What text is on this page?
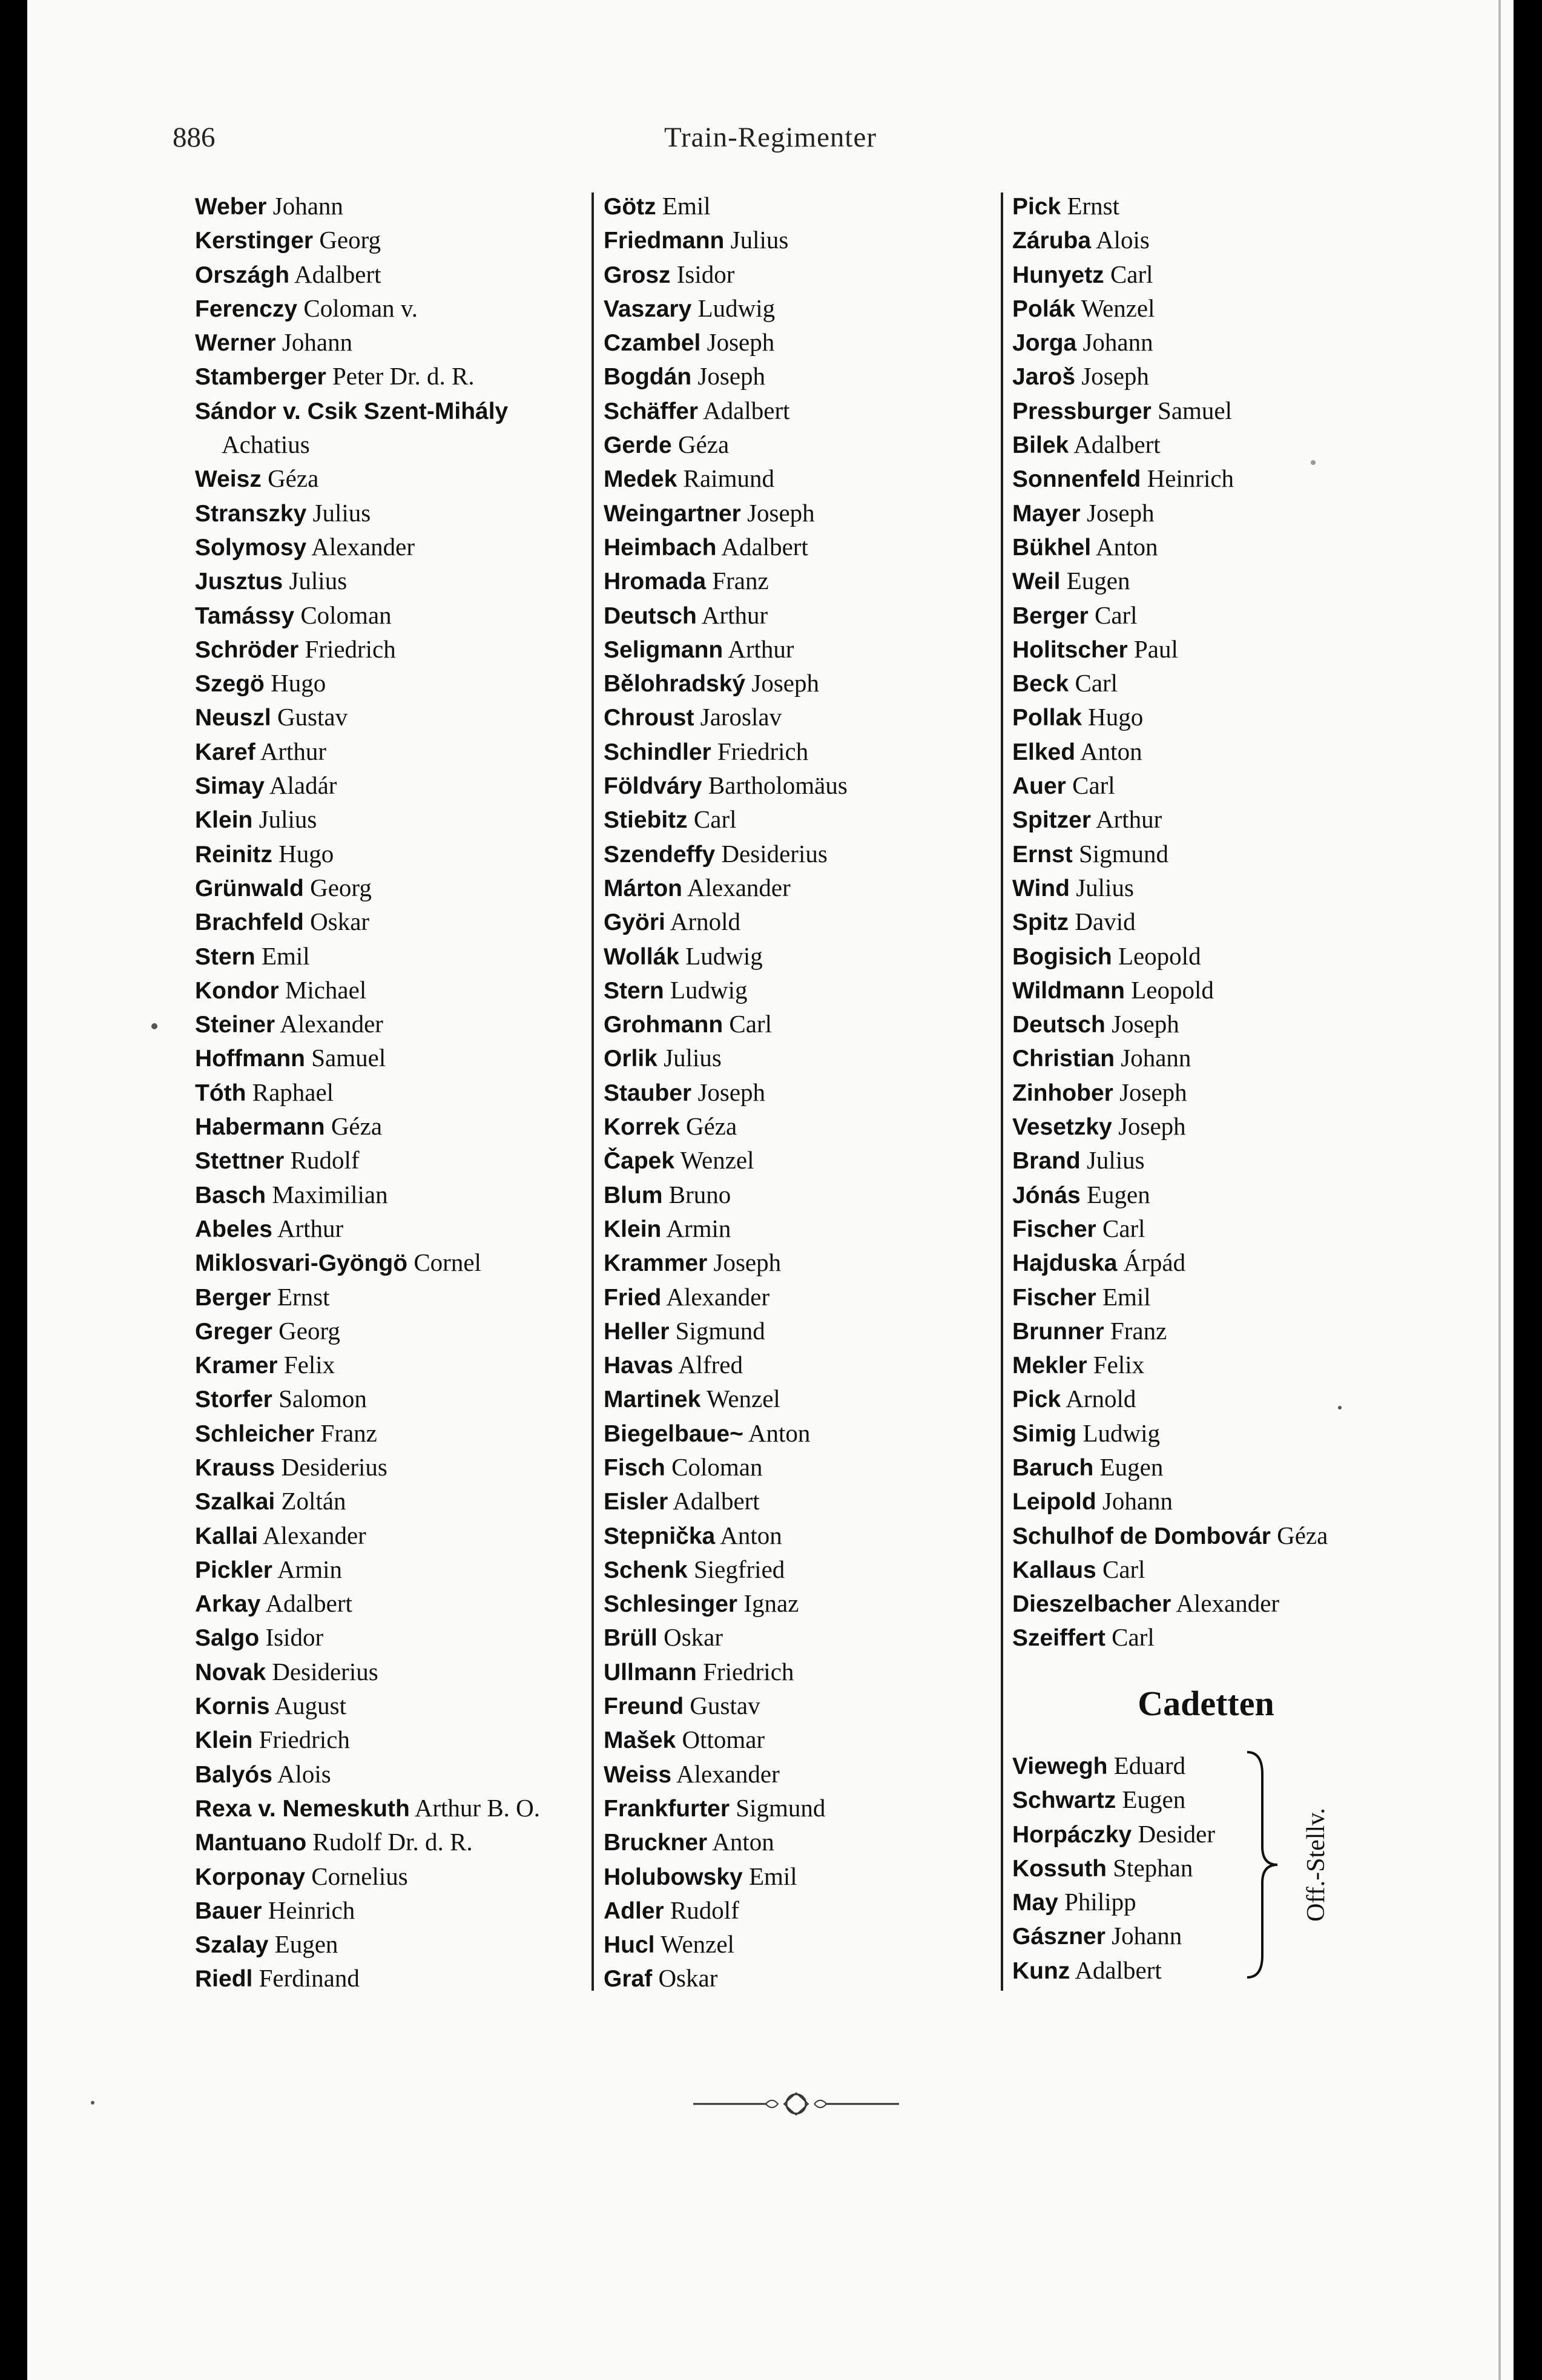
886	Train-Regimenter
Weber Johann
Kerstinger Georg
Országh Adalbert
Ferenczy Coloman v.
Werner Johann
Stamberger Peter Dr. d. R.
Sándor v. Csik Szent-Mihály
Achatius
Weisz Géza
Stranszky Julius
Solymosy Alexander
Jusztus Julius
Tamássy Coloman
Schröder Friedrich
Szegö Hugo
Neuszl Gustav
Karef Arthur
Simay Aladár
Klein Julius
Reinitz Hugo
Grünwald Georg
Brachfeld Oskar
Stern Emil
Kondor Michael
Steiner Alexander
Hoffmann Samuel
Tóth Raphael
Habermann Géza
Stettner Rudolf
Basch Maximilian
Abeles Arthur
Miklosvari-Gyöngö Cornel
Berger Ernst
Greger Georg
Kramer Felix
Storfer Salomon
Schleicher Franz
Krauss Desiderius
Szalkai Zoltán
Kallai Alexander
Pickler Armin
Arkay Adalbert
Salgo Isidor
Novak Desiderius
Kornis August
Klein Friedrich
Balyós Alois
Rexa v. Nemeskuth Arthur B. O.
Mantuano Rudolf Dr. d. R.
Korponay Cornelius
Bauer Heinrich
Szalay Eugen
Riedl Ferdinand
Götz Emil
Friedmann Julius
Grosz Isidor
Vaszary Ludwig
Czambel Joseph
Bogdán Joseph
Schäffer Adalbert
Gerde Géza
Medek Raimund
Weingartner Joseph
Heimbach Adalbert
Hromada Franz
Deutsch Arthur
Seligmann Arthur
Bělohradský Joseph
Chroust Jaroslav
Schindler Friedrich
Földváry Bartholomäus
Stiebitz Carl
Szendeffy Desiderius
Márton Alexander
Györi Arnold
Wollák Ludwig
Stern Ludwig
Grohmann Carl
Orlik Julius
Stauber Joseph
Korrek Géza
Čapek Wenzel
Blum Bruno
Klein Armin
Krammer Joseph
Fried Alexander
Heller Sigmund
Havas Alfred
Martinek Wenzel
Biegelbaue~ Anton
Fisch Coloman
Eisler Adalbert
Stepnička Anton
Schenk Siegfried
Schlesinger Ignaz
Brüll Oskar
Ullmann Friedrich
Freund Gustav
Mašek Ottomar
Weiss Alexander
Frankfurter Sigmund
Bruckner Anton
Holubowsky Emil
Adler Rudolf
Hucl Wenzel
Graf Oskar
Pick Ernst
Záruba Alois
Hunyetz Carl
Polák Wenzel
Jorga Johann
Jaroš Joseph
Pressburger Samuel
Bilek Adalbert
Sonnenfeld Heinrich
Mayer Joseph
Bükhel Anton
Weil Eugen
Berger Carl
Holitscher Paul
Beck Carl
Pollak Hugo
Elked Anton
Auer Carl
Spitzer Arthur
Ernst Sigmund
Wind Julius
Spitz David
Bogisich Leopold
Wildmann Leopold
Deutsch Joseph
Christian Johann
Zinhober Joseph
Vesetzky Joseph
Brand Julius
Jónás Eugen
Fischer Carl
Hajduska Árpád
Fischer Emil
Brunner Franz
Mekler Felix
Pick Arnold
Simig Ludwig
Baruch Eugen
Leipold Johann
Schulhof de Dombovár Géza
Kallaus Carl
Dieszelbacher Alexander
Szeiffert Carl
Cadetten
Viewegh Eduard
Schwartz Eugen
Horpáczky Desider
Kossuth Stephan
May Philipp
Gászner Johann
Kunz Adalbert
Off.-Stellv.
